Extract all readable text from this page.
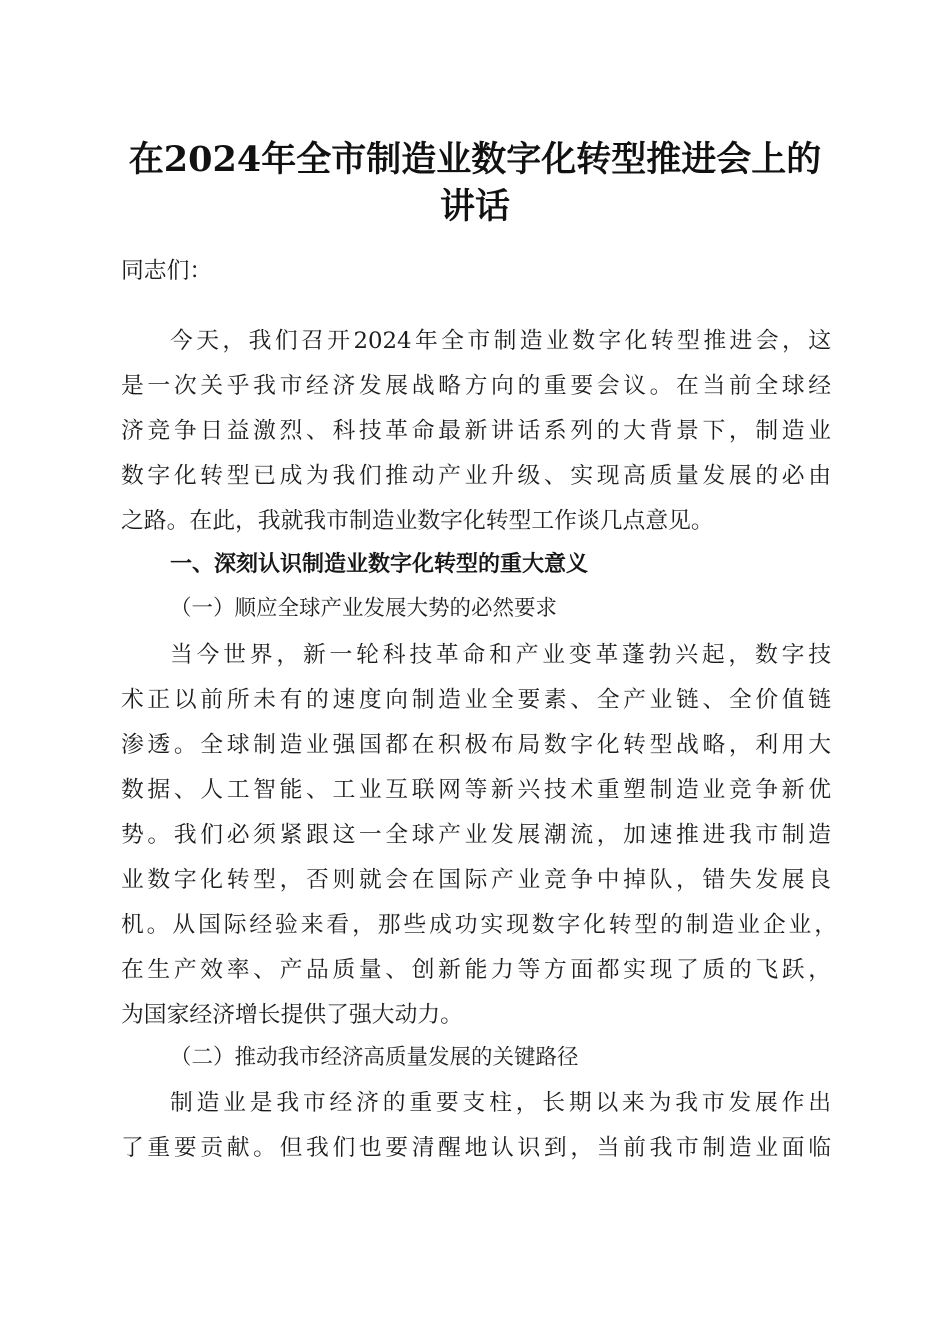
在2024年全市制造业数字化转型推进会上的
讲话
同志们：
今天，我们召开2024年全市制造业数字化转型推进会，这
是一次关乎我市经济发展战略方向的重要会议。在当前全球经
济竞争日益激烈、科技革命最新讲话系列的大背景下，制造业
数字化转型已成为我们推动产业升级、实现高质量发展的必由
之路。在此，我就我市制造业数字化转型工作谈几点意见。
一、深刻认识制造业数字化转型的重大意义
（一）顺应全球产业发展大势的必然要求
当今世界，新一轮科技革命和产业变革蓬勃兴起，数字技
术正以前所未有的速度向制造业全要素、全产业链、全价值链
渗透。全球制造业强国都在积极布局数字化转型战略，利用大
数据、人工智能、工业互联网等新兴技术重塑制造业竞争新优
势。我们必须紧跟这一全球产业发展潮流，加速推进我市制造
业数字化转型，否则就会在国际产业竞争中掉队，错失发展良
机。从国际经验来看，那些成功实现数字化转型的制造业企业，
在生产效率、产品质量、创新能力等方面都实现了质的飞跃，
为国家经济增长提供了强大动力。
（二）推动我市经济高质量发展的关键路径
制造业是我市经济的重要支柱，长期以来为我市发展作出
了重要贡献。但我们也要清醒地认识到，当前我市制造业面临
